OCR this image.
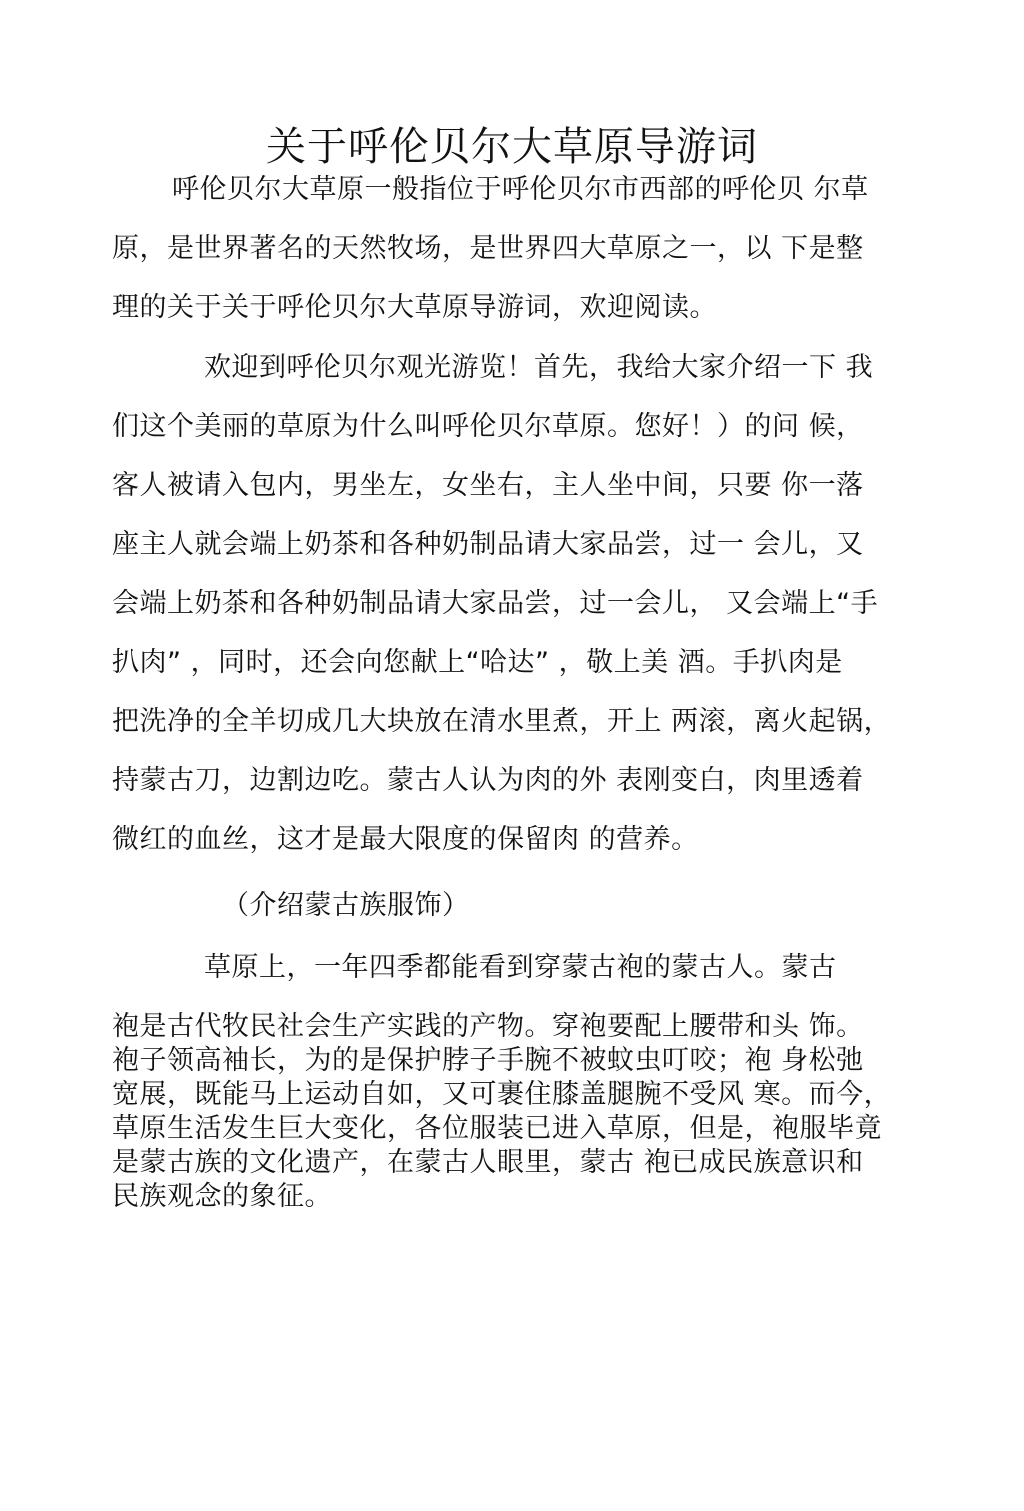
关于呼伦贝尔大草原导游词

呼伦贝尔大草原一般指位于呼伦贝尔市西部的呼伦贝 尔草
原，是世界著名的天然牧场，是世界四大草原之一，以 下是整
理的关于关于呼伦贝尔大草原导游词，欢迎阅读。

欢迎到呼伦贝尔观光游览！首先，我给大家介绍一下 我
们这个美丽的草原为什么叫呼伦贝尔草原。您好！）的问 候，
客人被请入包内，男坐左，女坐右，主人坐中间，只要 你一落
座主人就会端上奶茶和各种奶制品请大家品尝，过一 会儿，又
会端上奶茶和各种奶制品请大家品尝，过一会儿， 又会端上“手
扒肉” ，同时，还会向您献上“哈达” ，敬上美 酒。手扒肉是
把洗净的全羊切成几大块放在清水里煮，开上 两滚，离火起锅，
持蒙古刀，边割边吃。蒙古人认为肉的外 表刚变白，肉里透着
微红的血丝，这才是最大限度的保留肉 的营养。

（介绍蒙古族服饰）

草原上，一年四季都能看到穿蒙古袍的蒙古人。蒙古

袍是古代牧民社会生产实践的产物。穿袍要配上腰带和头 饰。
袍子领高袖长，为的是保护脖子手腕不被蚊虫叮咬；袍 身松弛
宽展，既能马上运动自如，又可裹住膝盖腿腕不受风 寒。而今，
草原生活发生巨大变化，各位服装已进入草原，但是，袍服毕竟
是蒙古族的文化遗产，在蒙古人眼里，蒙古 袍已成民族意识和
民族观念的象征。
